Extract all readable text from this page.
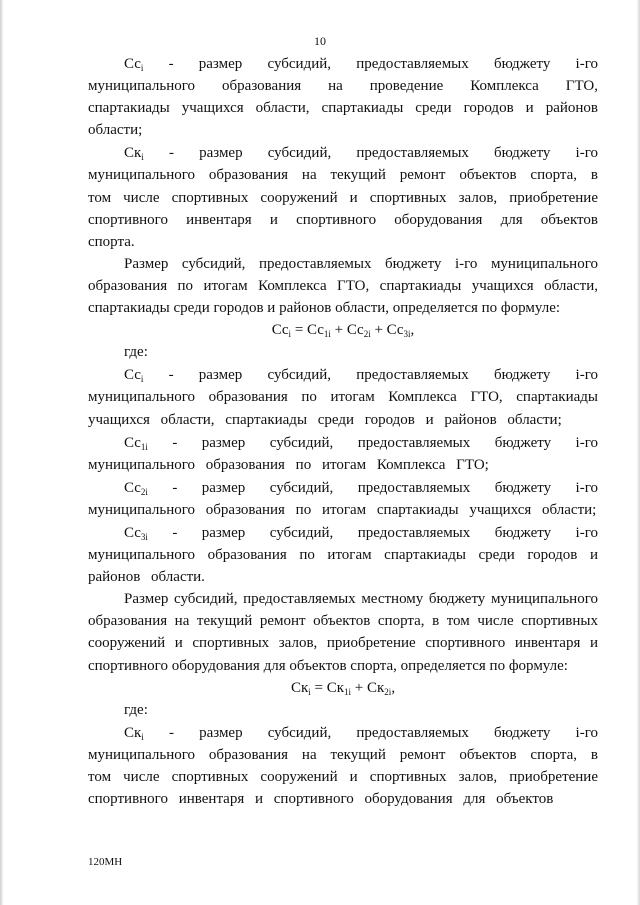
10

$Сс_i$ - размер субсидий, предоставляемых бюджету i-го муниципального образования на проведение Комплекса ГТО, спартакиады учащихся области, спартакиады среди городов и районов области;

$Ск_i$ - размер субсидий, предоставляемых бюджету i-го муниципального образования на текущий ремонт объектов спорта, в том числе спортивных сооружений и спортивных залов, приобретение спортивного инвентаря и спортивного оборудования для объектов спорта.

Размер субсидий, предоставляемых бюджету i-го муниципального образования по итогам Комплекса ГТО, спартакиады учащихся области, спартакиады среди городов и районов области, определяется по формуле:

$Сс_i = Сс_{1i} + Сс_{2i} + Сс_{3i}$,

где:

$Сс_i$ - размер субсидий, предоставляемых бюджету i-го муниципального образования по итогам Комплекса ГТО, спартакиады учащихся области, спартакиады среди городов и районов области;

$Сс_{1i}$ - размер субсидий, предоставляемых бюджету i-го муниципального образования по итогам Комплекса ГТО;

$Сс_{2i}$ - размер субсидий, предоставляемых бюджету i-го муниципального образования по итогам спартакиады учащихся области;

$Сс_{3i}$ - размер субсидий, предоставляемых бюджету i-го муниципального образования по итогам спартакиады среди городов и районов области.

Размер субсидий, предоставляемых местному бюджету муниципального образования на текущий ремонт объектов спорта, в том числе спортивных сооружений и спортивных залов, приобретение спортивного инвентаря и спортивного оборудования для объектов спорта, определяется по формуле:

$Ск_i = Ск_{1i} + Ск_{2i}$,

где:

$Ск_i$ - размер субсидий, предоставляемых бюджету i-го муниципального образования на текущий ремонт объектов спорта, в том числе спортивных сооружений и спортивных залов, приобретение спортивного инвентаря и спортивного оборудования для объектов

120МН
